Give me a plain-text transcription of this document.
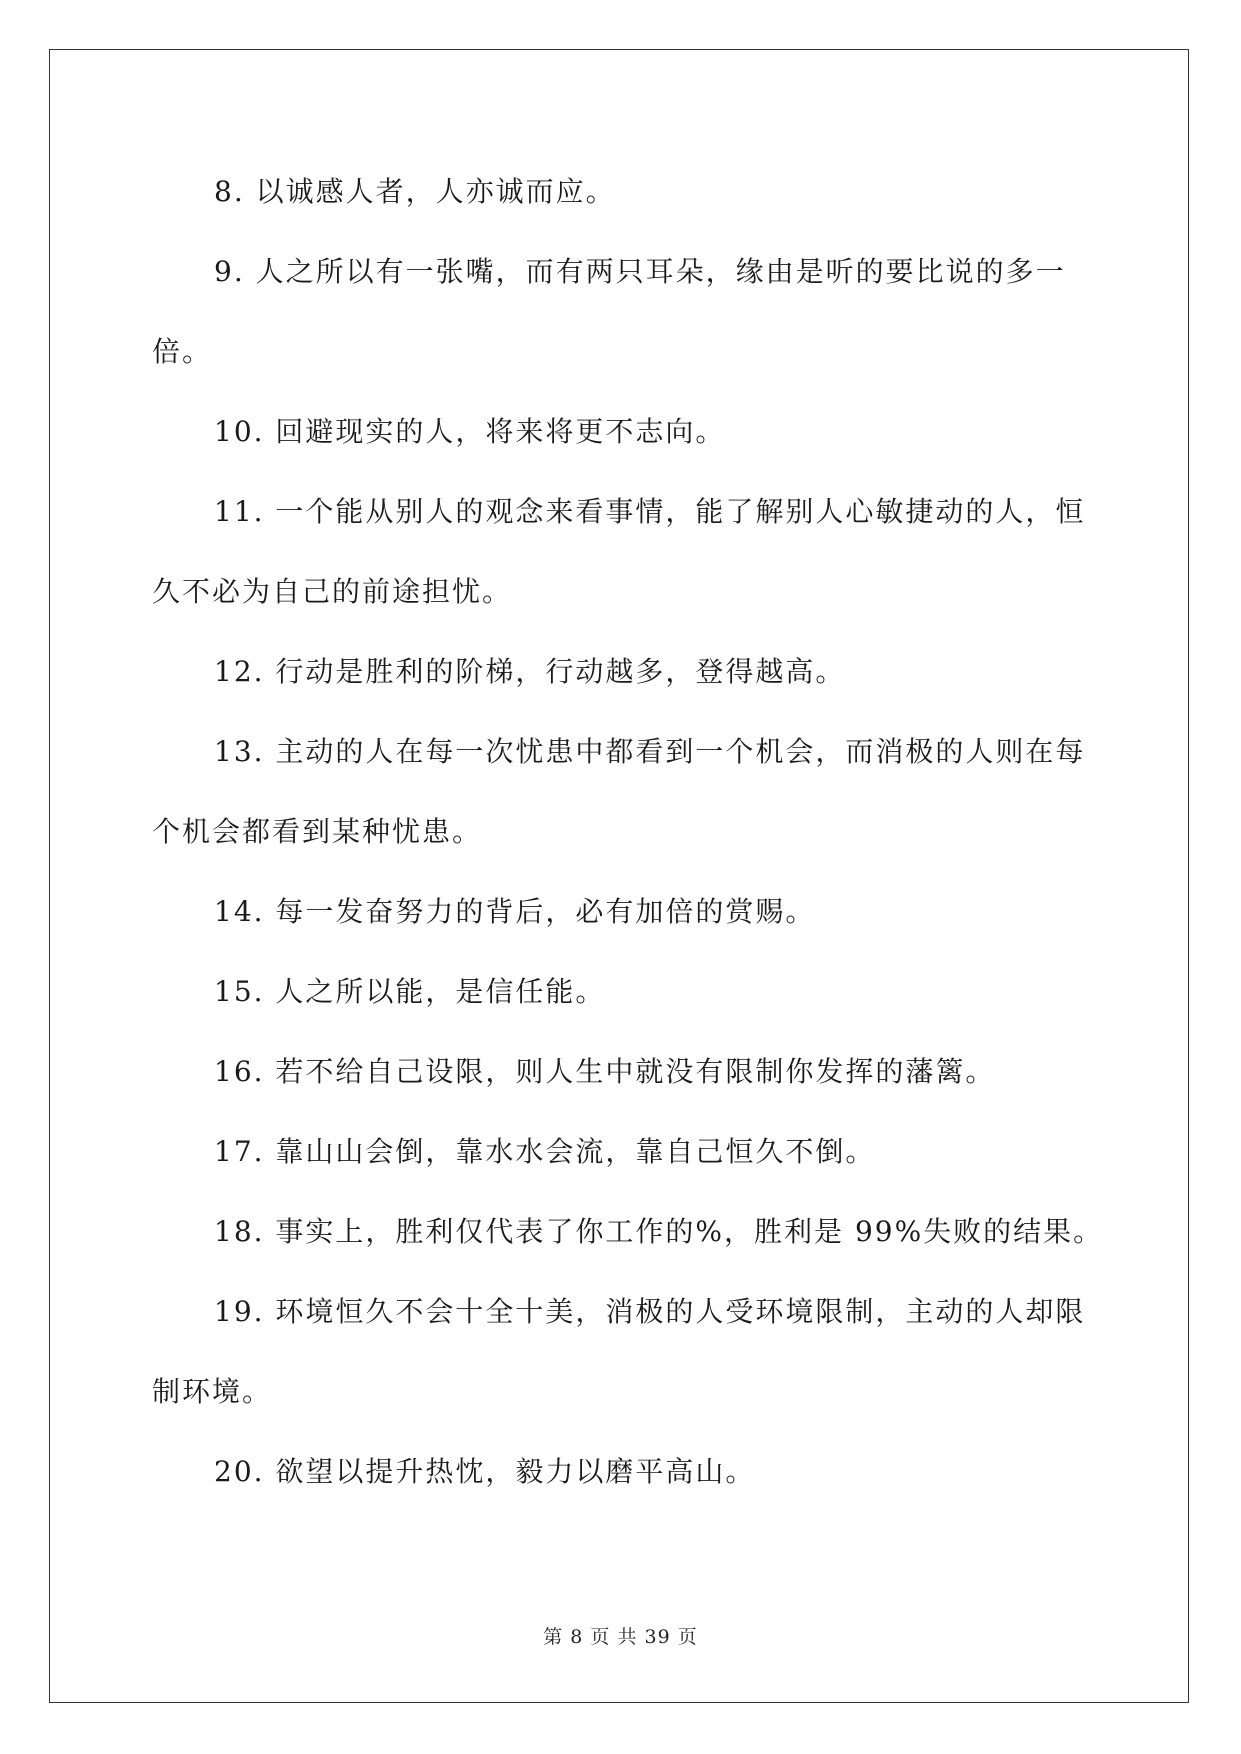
8. 以诚感人者，人亦诚而应。

9. 人之所以有一张嘴，而有两只耳朵，缘由是听的要比说的多一倍。

10. 回避现实的人，将来将更不志向。

11. 一个能从别人的观念来看事情，能了解别人心敏捷动的人，恒久不必为自己的前途担忧。

12. 行动是胜利的阶梯，行动越多，登得越高。

13. 主动的人在每一次忧患中都看到一个机会，而消极的人则在每个机会都看到某种忧患。

14. 每一发奋努力的背后，必有加倍的赏赐。

15. 人之所以能，是信任能。

16. 若不给自己设限，则人生中就没有限制你发挥的藩篱。

17. 靠山山会倒，靠水水会流，靠自己恒久不倒。

18. 事实上，胜利仅代表了你工作的%，胜利是 99%失败的结果。

19. 环境恒久不会十全十美，消极的人受环境限制，主动的人却限制环境。

20. 欲望以提升热忱，毅力以磨平高山。

第 8 页 共 39 页
